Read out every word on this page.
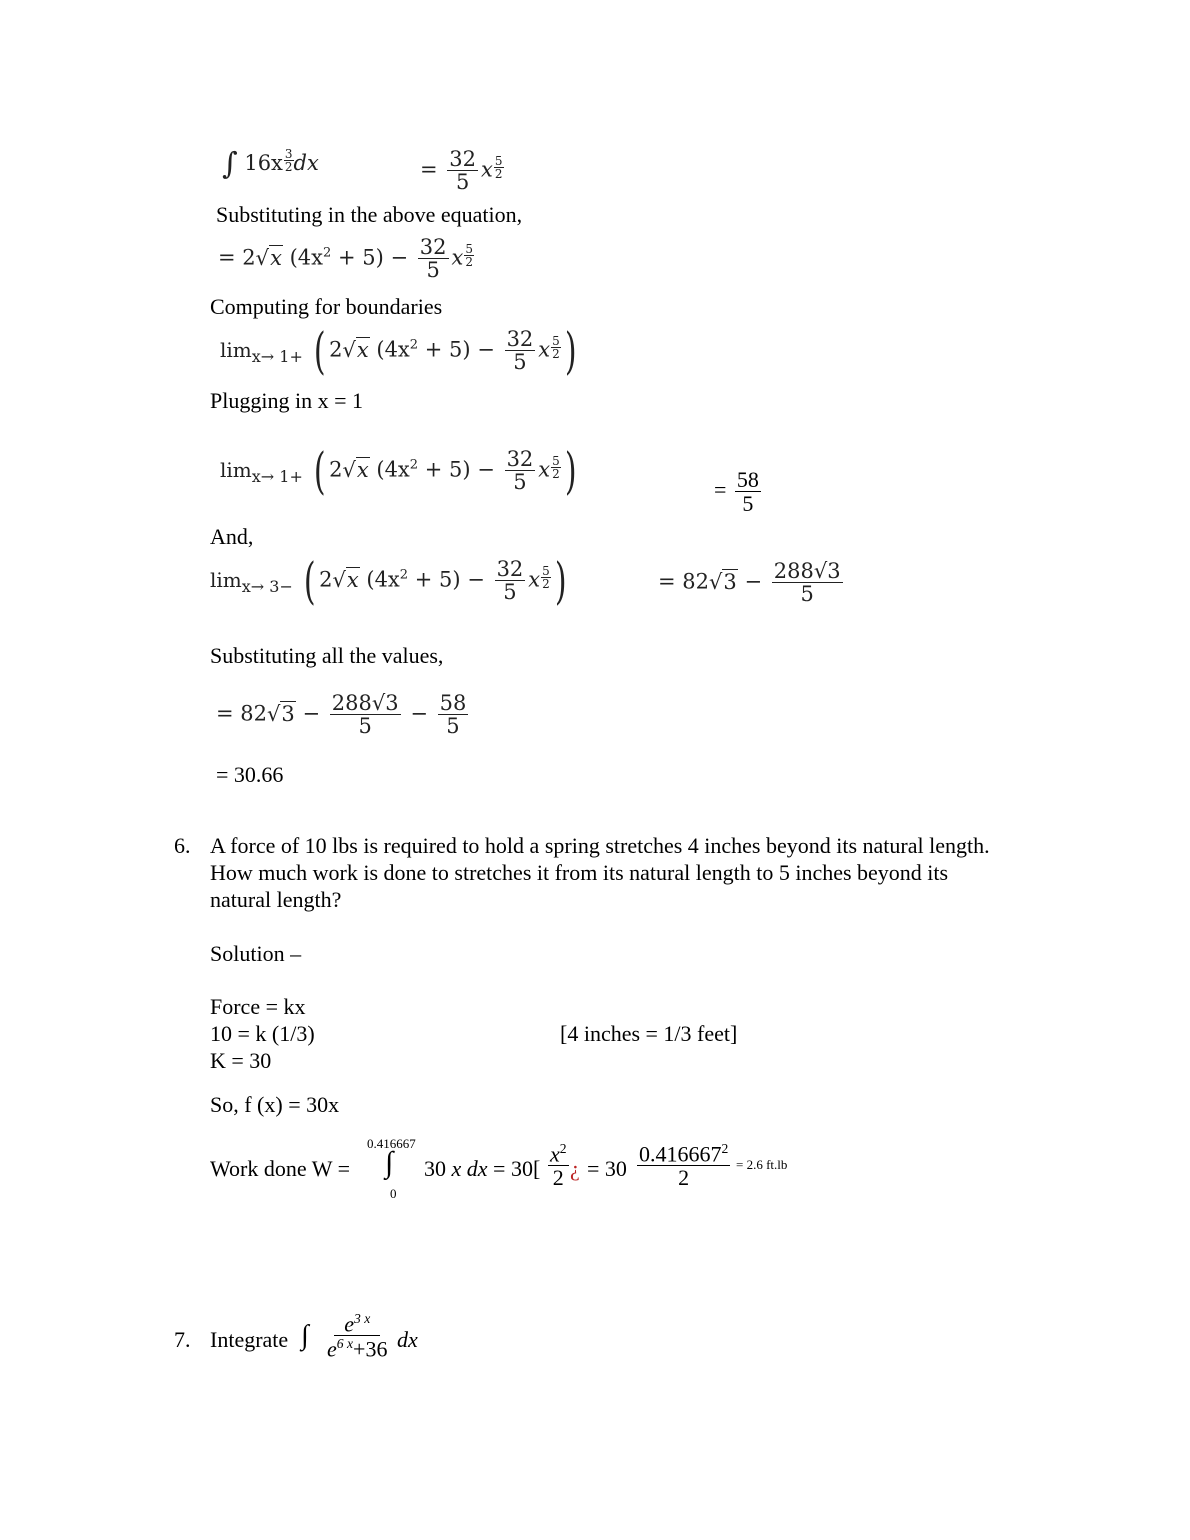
∫ $16x \frac{3}{2}$ dx	= $\frac{32}{5}$ x $\frac{5}{2}$
Substituting in the above equation,
= 2√x $(4x^2 + 5) - \frac{32}{5}$ x $\frac{5}{2}$
Computing for boundaries
$\lim_{x\to 1+}$ ( 2√x $(4x^2 + 5) - \frac{32}{5}$ x $\frac{5}{2}$ )
Plugging in x = 1
$\lim_{x\to 1+}$ ( 2√x $(4x^2 + 5) - \frac{32}{5}$ x $\frac{5}{2}$ )	= $\frac{58}{5}$
And,
$\lim_{x\to 3-}$ ( 2√x $(4x^2 + 5) - \frac{32}{5}$ x $\frac{5}{2}$ )	= $82√3 - \frac{288√3}{5}$
Substituting all the values,
= $82√3 - \frac{288√3}{5} - \frac{58}{5}$
= 30.66
6. A force of 10 lbs is required to hold a spring stretches 4 inches beyond its natural length.
How much work is done to stretches it from its natural length to 5 inches beyond its
natural length?
Solution –
Force = kx
10 = k (1/3)	[4 inches = 1/3 feet]
K = 30
So, f (x) = 30x
Work done W =
0.416667
∫
0
30 x dx = $30[ \frac{x^2}{2}$ ¿ = $30 \frac{0.416667^2}{2} = 2.6$ ft.lb
7. Integrate ∫ $\frac{e^{3 x}}{e^{6 x}+36}$ dx
